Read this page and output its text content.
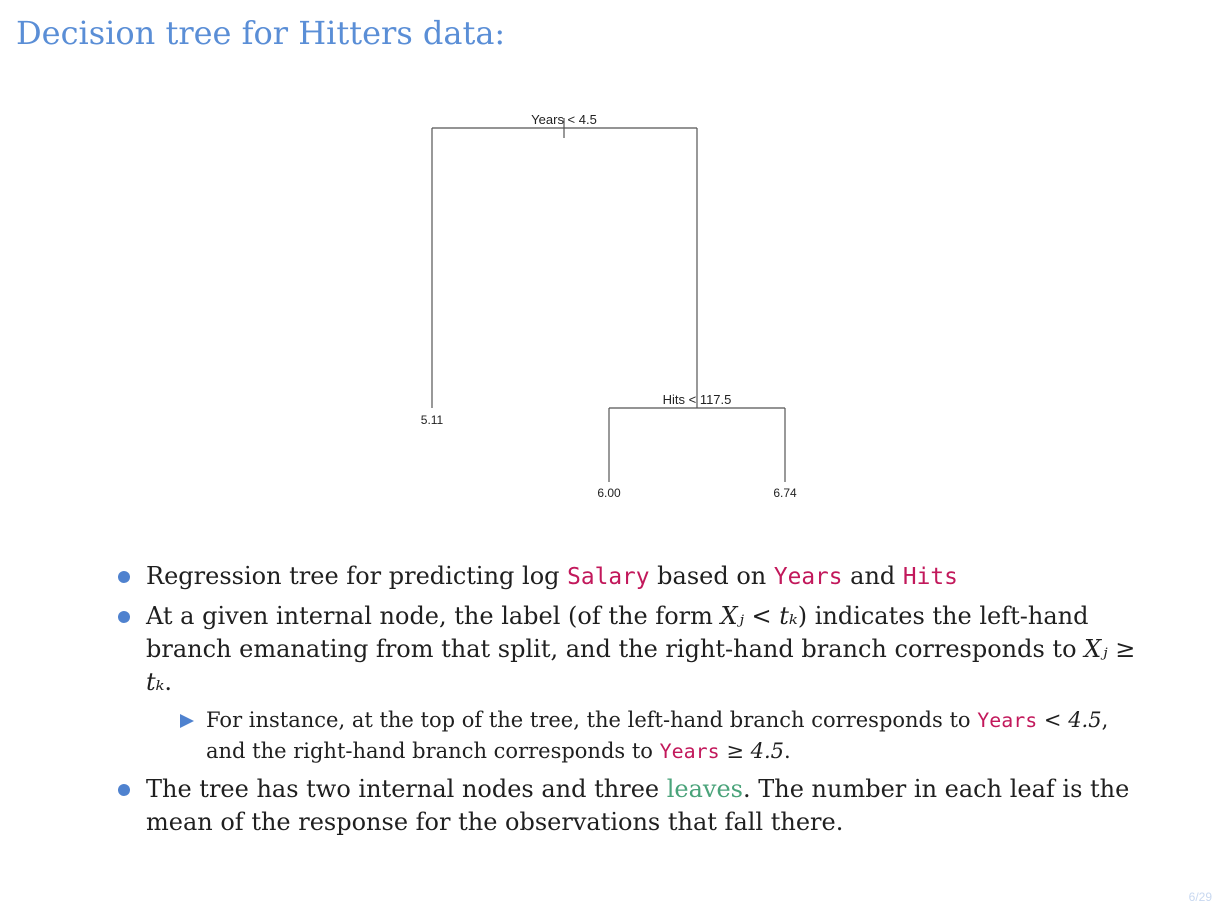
Decision tree for Hitters data:
Years < 4.5
Hits < 117.5
5.11
6.00	6.74
Regression tree for predicting log Salary based on Years and Hits
At a given internal node, the label (of the form Xⱼ < tₖ) indicates the left-hand branch emanating from that split, and the right-hand branch corresponds to Xⱼ ≥ tₖ.
For instance, at the top of the tree, the left-hand branch corresponds to Years < 4.5, and the right-hand branch corresponds to Years ≥ 4.5.
The tree has two internal nodes and three leaves. The number in each leaf is the mean of the response for the observations that fall there.
6/29
